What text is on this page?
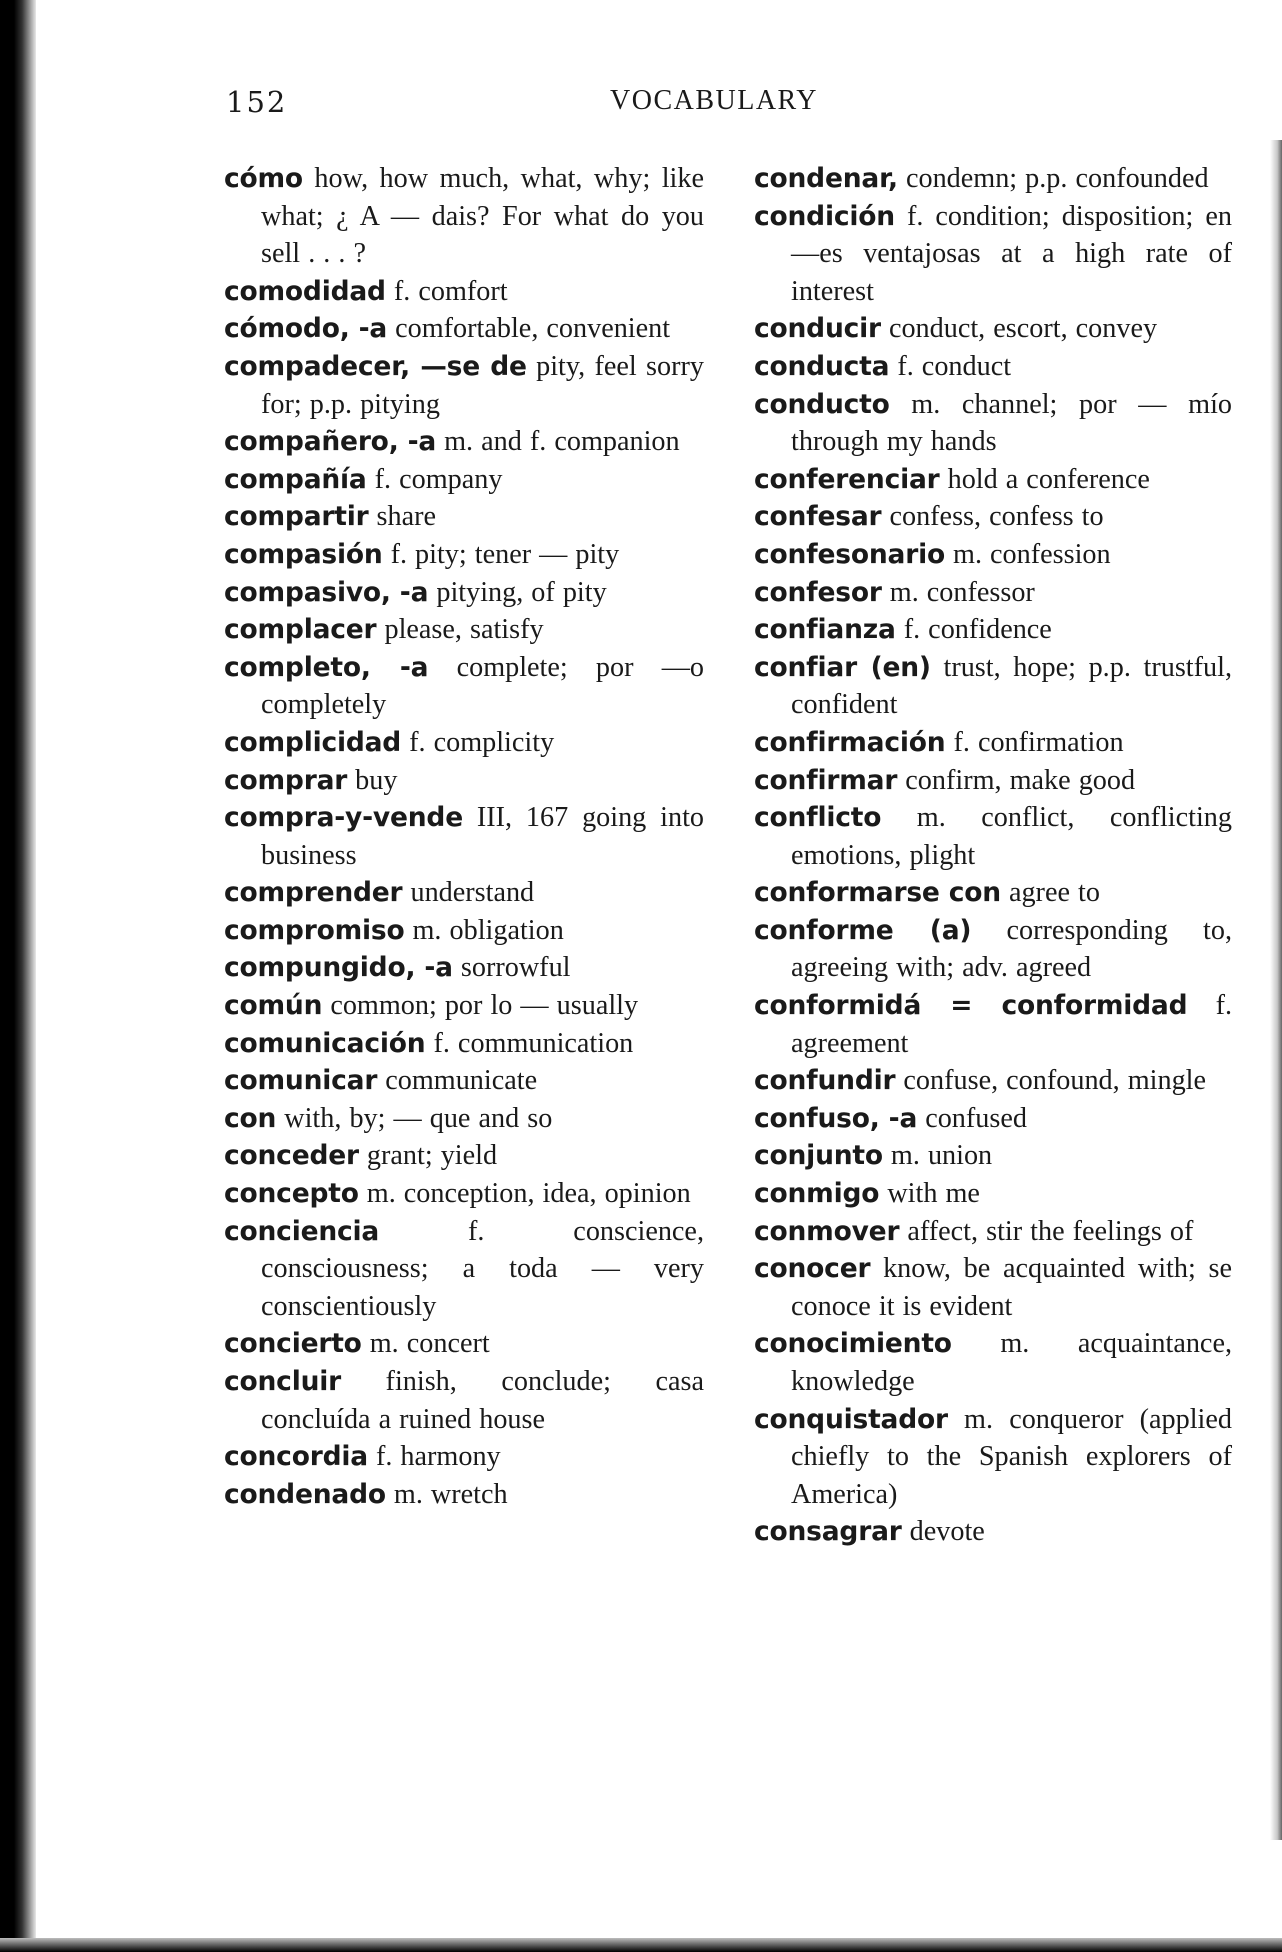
152	VOCABULARY
cómo how, how much, what, why; like what; ¿ A — dais? For what do you sell . . . ?
comodidad f. comfort
cómodo, -a comfortable, convenient
compadecer, —se de pity, feel sorry for; p.p. pitying
compañero, -a m. and f. companion
compañía f. company
compartir share
compasión f. pity; tener — pity
compasivo, -a pitying, of pity
complacer please, satisfy
completo, -a complete; por —o completely
complicidad f. complicity
comprar buy
compra-y-vende III, 167 going into business
comprender understand
compromiso m. obligation
compungido, -a sorrowful
común common; por lo — usually
comunicación f. communication
comunicar communicate
con with, by; — que and so
conceder grant; yield
concepto m. conception, idea, opinion
conciencia f. conscience, consciousness; a toda — very conscientiously
concierto m. concert
concluir finish, conclude; casa concluída a ruined house
concordia f. harmony
condenado m. wretch
condenar, condemn; p.p. confounded
condición f. condition; disposition; en —es ventajosas at a high rate of interest
conducir conduct, escort, convey
conducta f. conduct
conducto m. channel; por — mío through my hands
conferenciar hold a conference
confesar confess, confess to
confesonario m. confession
confesor m. confessor
confianza f. confidence
confiar (en) trust, hope; p.p. trustful, confident
confirmación f. confirmation
confirmar confirm, make good
conflicto m. conflict, conflicting emotions, plight
conformarse con agree to
conforme (a) corresponding to, agreeing with; adv. agreed
conformidá = conformidad f. agreement
confundir confuse, confound, mingle
confuso, -a confused
conjunto m. union
conmigo with me
conmover affect, stir the feelings of
conocer know, be acquainted with; se conoce it is evident
conocimiento m. acquaintance, knowledge
conquistador m. conqueror (applied chiefly to the Spanish explorers of America)
consagrar devote
